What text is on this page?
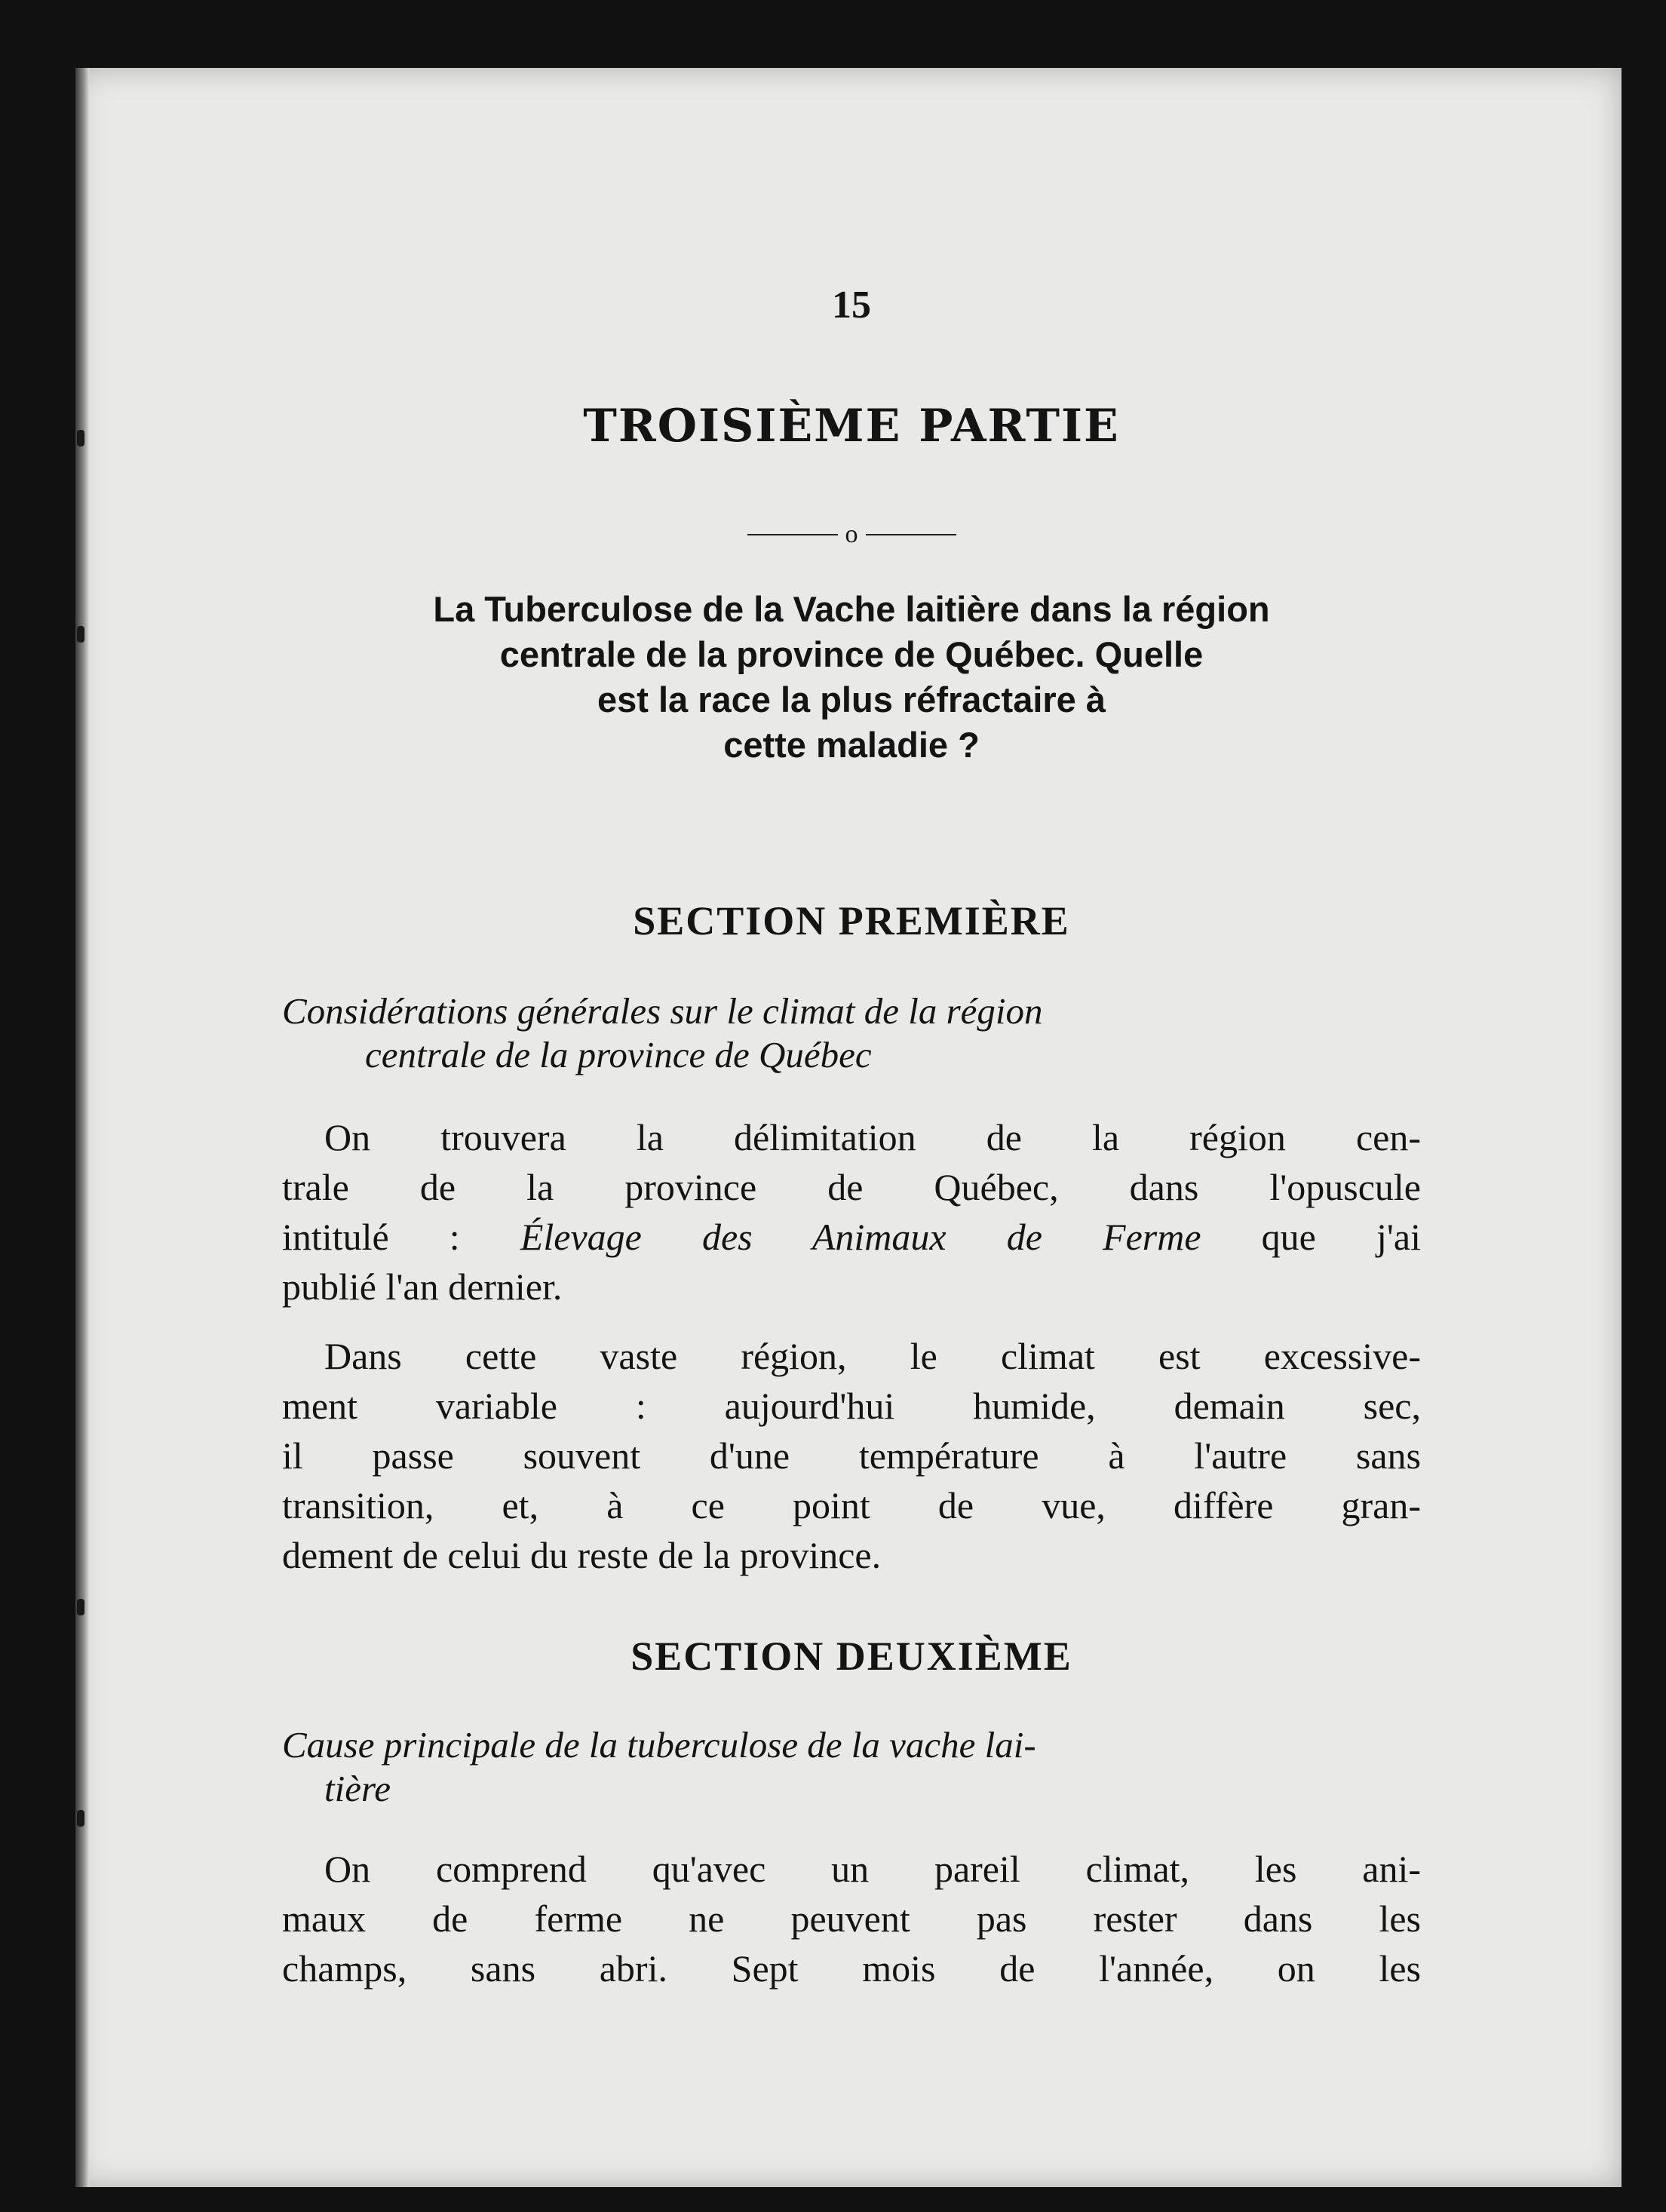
15

TROISIÈME PARTIE
o
La Tuberculose de la Vache laitière dans la région
centrale de la province de Québec. Quelle
est la race la plus réfractaire à
cette maladie ?
SECTION PREMIÈRE

Considérations générales sur le climat de la région
centrale de la province de Québec

On trouvera la délimitation de la région cen-
trale de la province de Québec, dans l'opuscule
intitulé : Élevage des Animaux de Ferme que j'ai
publié l'an dernier.
Dans cette vaste région, le climat est excessive-
ment variable : aujourd'hui humide, demain sec,
il passe souvent d'une température à l'autre sans
transition, et, à ce point de vue, diffère gran-
dement de celui du reste de la province.
SECTION DEUXIÈME

Cause principale de la tuberculose de la vache lai-
tière

On comprend qu'avec un pareil climat, les ani-
maux de ferme ne peuvent pas rester dans les
champs, sans abri. Sept mois de l'année, on les
